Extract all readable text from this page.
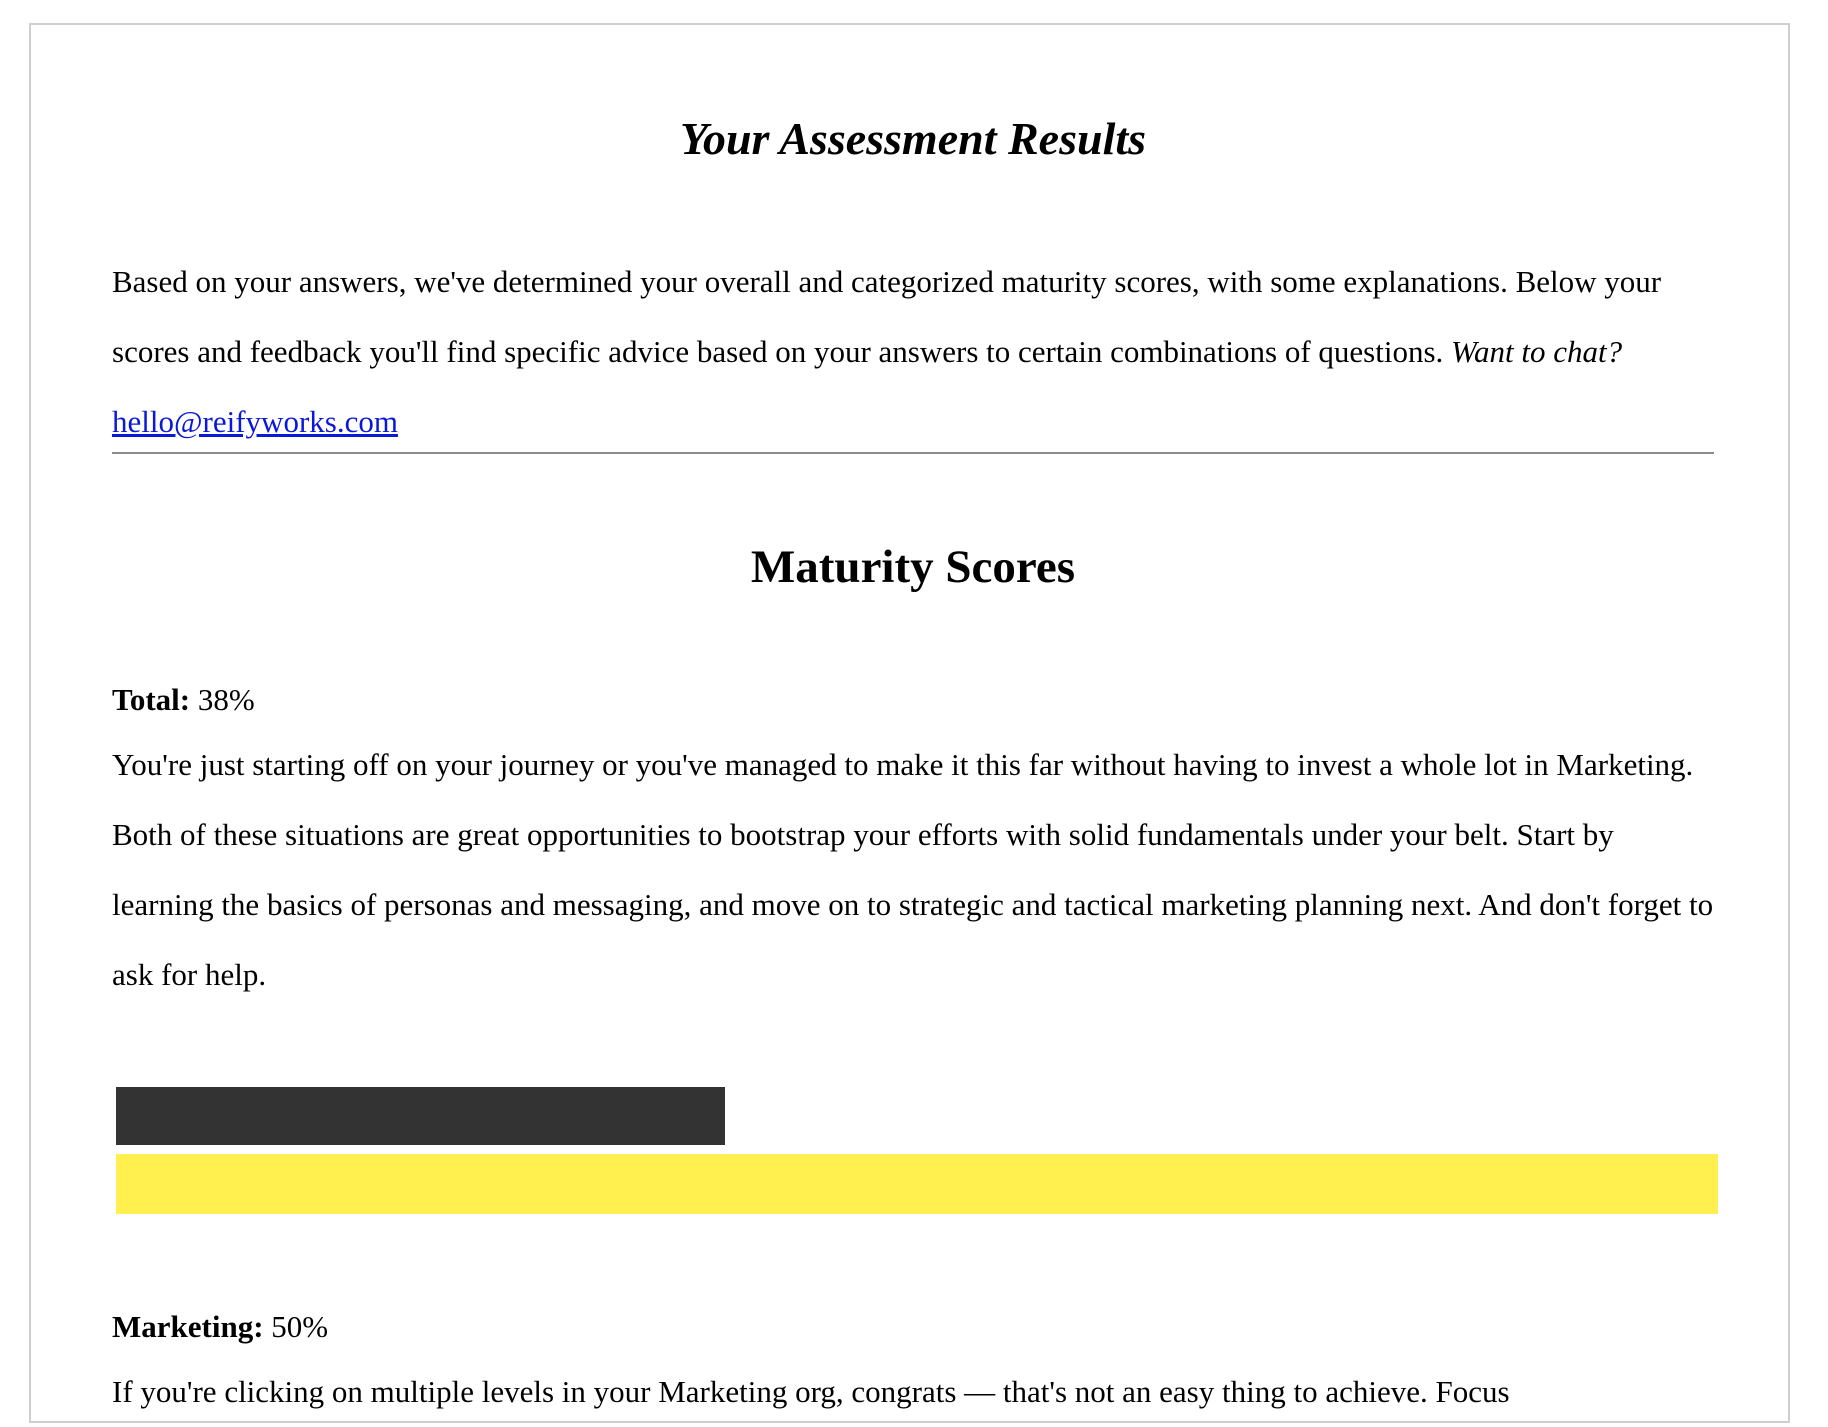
Your Assessment Results

Based on your answers, we've determined your overall and categorized maturity scores, with some explanations. Below your scores and feedback you'll find specific advice based on your answers to certain combinations of questions. Want to chat? hello@reifyworks.com

Maturity Scores

Total: 38%

You're just starting off on your journey or you've managed to make it this far without having to invest a whole lot in Marketing. Both of these situations are great opportunities to bootstrap your efforts with solid fundamentals under your belt. Start by learning the basics of personas and messaging, and move on to strategic and tactical marketing planning next. And don't forget to ask for help.

Marketing: 50%

If you're clicking on multiple levels in your Marketing org, congrats — that's not an easy thing to achieve. Focus
